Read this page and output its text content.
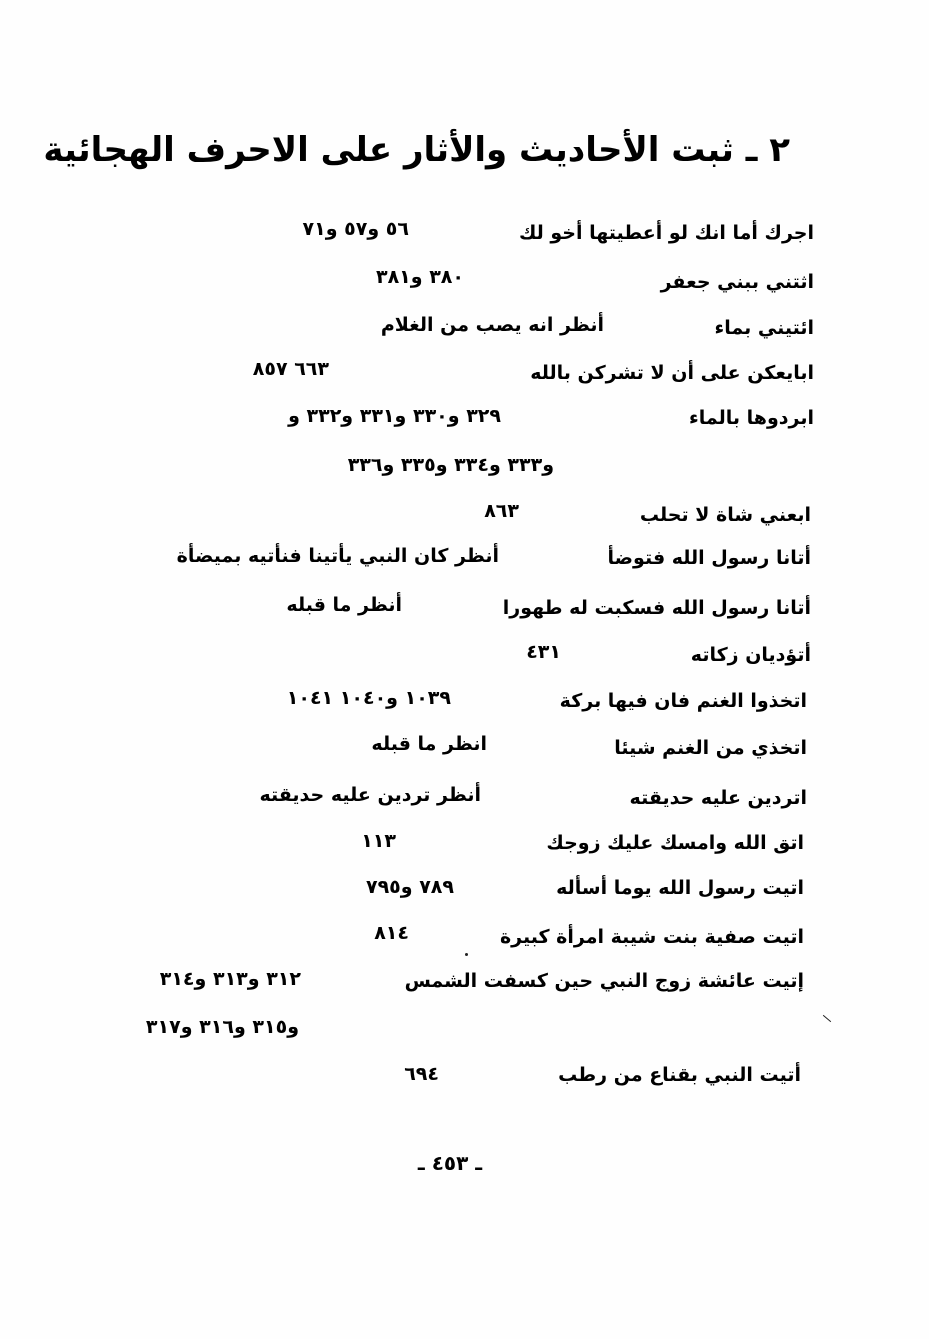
٢ ـ ثبت الأحاديث والأثار على الاحرف الهجائية
اجرك أما انك لو أعطيتها أخو لك
٥٦ و٥٧ و٧١
اثتني ببني جعفر
٣٨٠ و٣٨١
ائتيني بماء
أنظر انه يصب من الغلام
ابايعكن على أن لا تشركن بالله
٦٦٣ ٨٥٧
ابردوها بالماء
٣٢٩ و٣٣٠ و٣٣١ و٣٣٢ و
و٣٣٣ و٣٣٤ و٣٣٥ و٣٣٦
ابعني شاة لا تحلب
٨٦٣
أتانا رسول الله فتوضأ
أنظر كان النبي يأتينا فنأتيه بميضأة
أتانا رسول الله فسكبت له طهورا
أنظر ما قبله
أتؤديان زكاته
٤٣١
اتخذوا الغنم فان فيها بركة
١٠٣٩ و١٠٤٠ ١٠٤١
اتخذي من الغنم شيئا
انظر ما قبله
اتردين عليه حديقته
أنظر تردين عليه حديقته
اتق الله وامسك عليك زوجك
١١٣
اتيت رسول الله يوما أسأله
٧٨٩ و٧٩٥
اتيت صفية بنت شيبة امرأة كبيرة
٨١٤
إتيت عائشة زوج النبي حين كسفت الشمس
٣١٢ و٣١٣ و٣١٤
و٣١٥ و٣١٦ و٣١٧
أتيت النبي بقناع من رطب
٦٩٤
ـ ٤٥٣ ـ
